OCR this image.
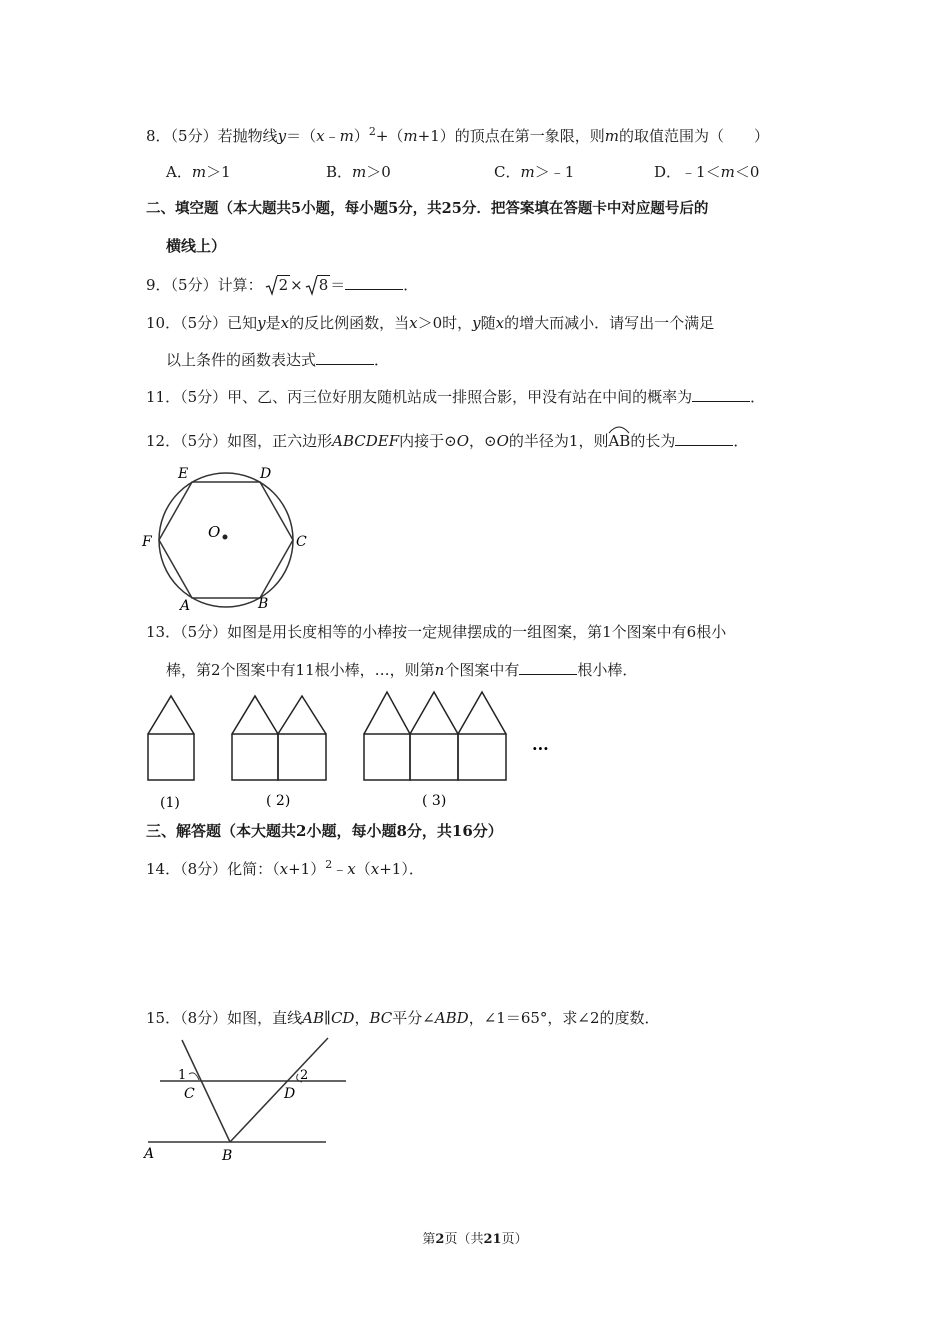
8．（5分）若抛物线y＝（x﹣m）$^2$+（m+1）的顶点在第一象限，则m的取值范围为（　　）
A．m＞1	B．m＞0	C．m＞﹣1	D．﹣1＜m＜0
二、填空题（本大题共5小题，每小题5分，共25分．把答案填在答题卡中对应题号后的
横线上）
9．（5分）计算： 2 × 8 ＝	．
10．（5分）已知y是x的反比例函数，当x＞0时，y随x的增大而减小．请写出一个满足
以上条件的函数表达式	．
11．（5分）甲、乙、丙三位好朋友随机站成一排照合影，甲没有站在中间的概率为	．
12．（5分）如图，正六边形ABCDEF内接于⊙O，⊙O的半径为1，则
AB的长为	．
O
E	D
F	C
A	B
13．（5分）如图是用长度相等的小棒按一定规律摆成的一组图案，第1个图案中有6根小
棒，第2个图案中有11根小棒，…，则第n个图案中有	根小棒．
···
(1)	( 2)	( 3)
三、解答题（本大题共2小题，每小题8分，共16分）
14．（8分）化简：$(x+1)^2﹣x(x+1)$．
15．（8分）如图，直线AB∥CD，BC平分∠ABD，∠1＝65°，求∠2的度数．
1	2
C	D
A	B
第2页（共21页）
